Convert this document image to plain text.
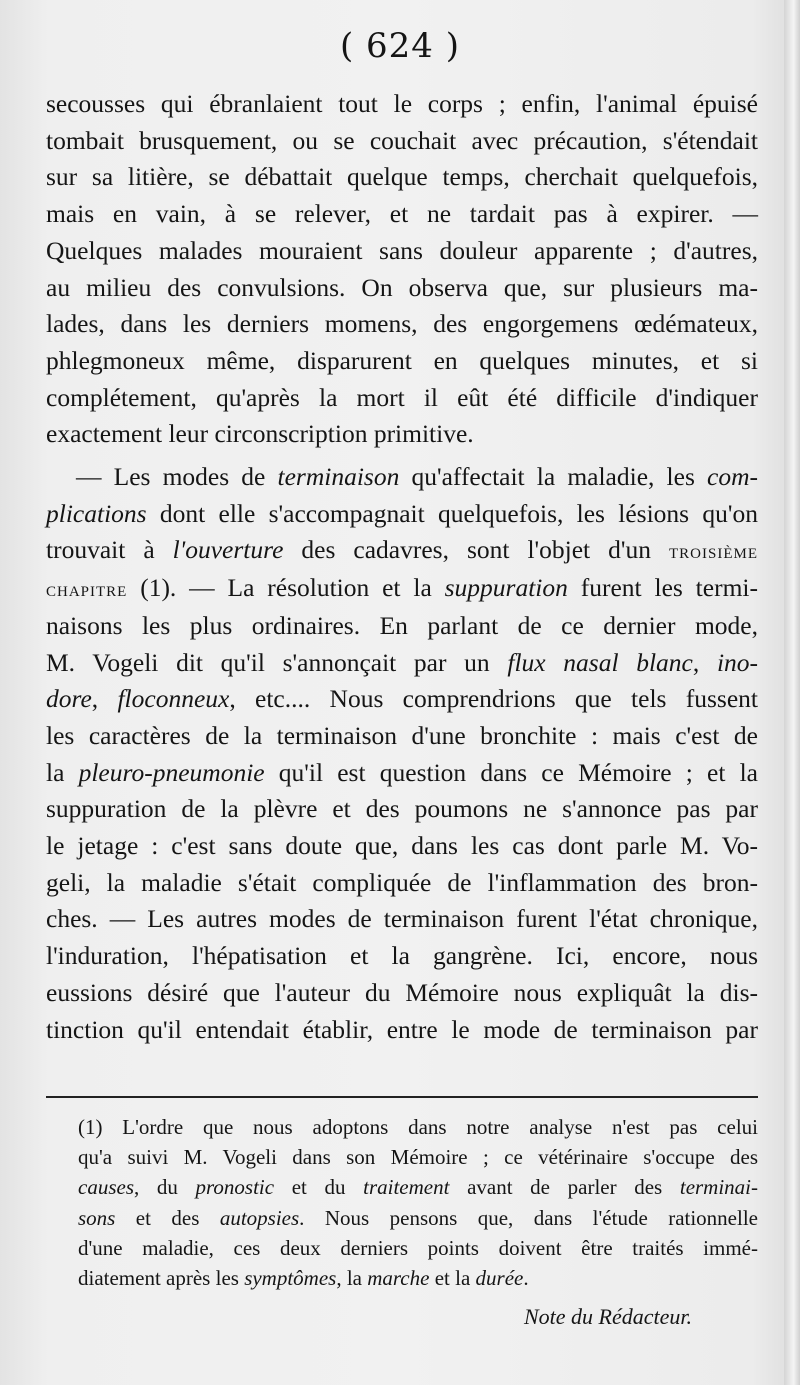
( 624 )
secousses qui ébranlaient tout le corps ; enfin, l'animal épuisé
tombait brusquement, ou se couchait avec précaution, s'étendait
sur sa litière, se débattait quelque temps, cherchait quelquefois,
mais en vain, à se relever, et ne tardait pas à expirer. —
Quelques malades mouraient sans douleur apparente ; d'autres,
au milieu des convulsions. On observa que, sur plusieurs ma-
lades, dans les derniers momens, des engorgemens œdémateux,
phlegmoneux même, disparurent en quelques minutes, et si
complétement, qu'après la mort il eût été difficile d'indiquer
exactement leur circonscription primitive.
— Les modes de terminaison qu'affectait la maladie, les com-
plications dont elle s'accompagnait quelquefois, les lésions qu'on
trouvait à l'ouverture des cadavres, sont l'objet d'un troisième
chapitre (1). — La résolution et la suppuration furent les termi-
naisons les plus ordinaires. En parlant de ce dernier mode,
M. Vogeli dit qu'il s'annonçait par un flux nasal blanc, ino-
dore, floconneux, etc.... Nous comprendrions que tels fussent
les caractères de la terminaison d'une bronchite : mais c'est de
la pleuro-pneumonie qu'il est question dans ce Mémoire ; et la
suppuration de la plèvre et des poumons ne s'annonce pas par
le jetage : c'est sans doute que, dans les cas dont parle M. Vo-
geli, la maladie s'était compliquée de l'inflammation des bron-
ches. — Les autres modes de terminaison furent l'état chronique,
l'induration, l'hépatisation et la gangrène. Ici, encore, nous
eussions désiré que l'auteur du Mémoire nous expliquât la dis-
tinction qu'il entendait établir, entre le mode de terminaison par
(1) L'ordre que nous adoptons dans notre analyse n'est pas celui
qu'a suivi M. Vogeli dans son Mémoire ; ce vétérinaire s'occupe des
causes, du pronostic et du traitement avant de parler des terminai-
sons et des autopsies. Nous pensons que, dans l'étude rationnelle
d'une maladie, ces deux derniers points doivent être traités immé-
diatement après les symptômes, la marche et la durée.
Note du Rédacteur.
